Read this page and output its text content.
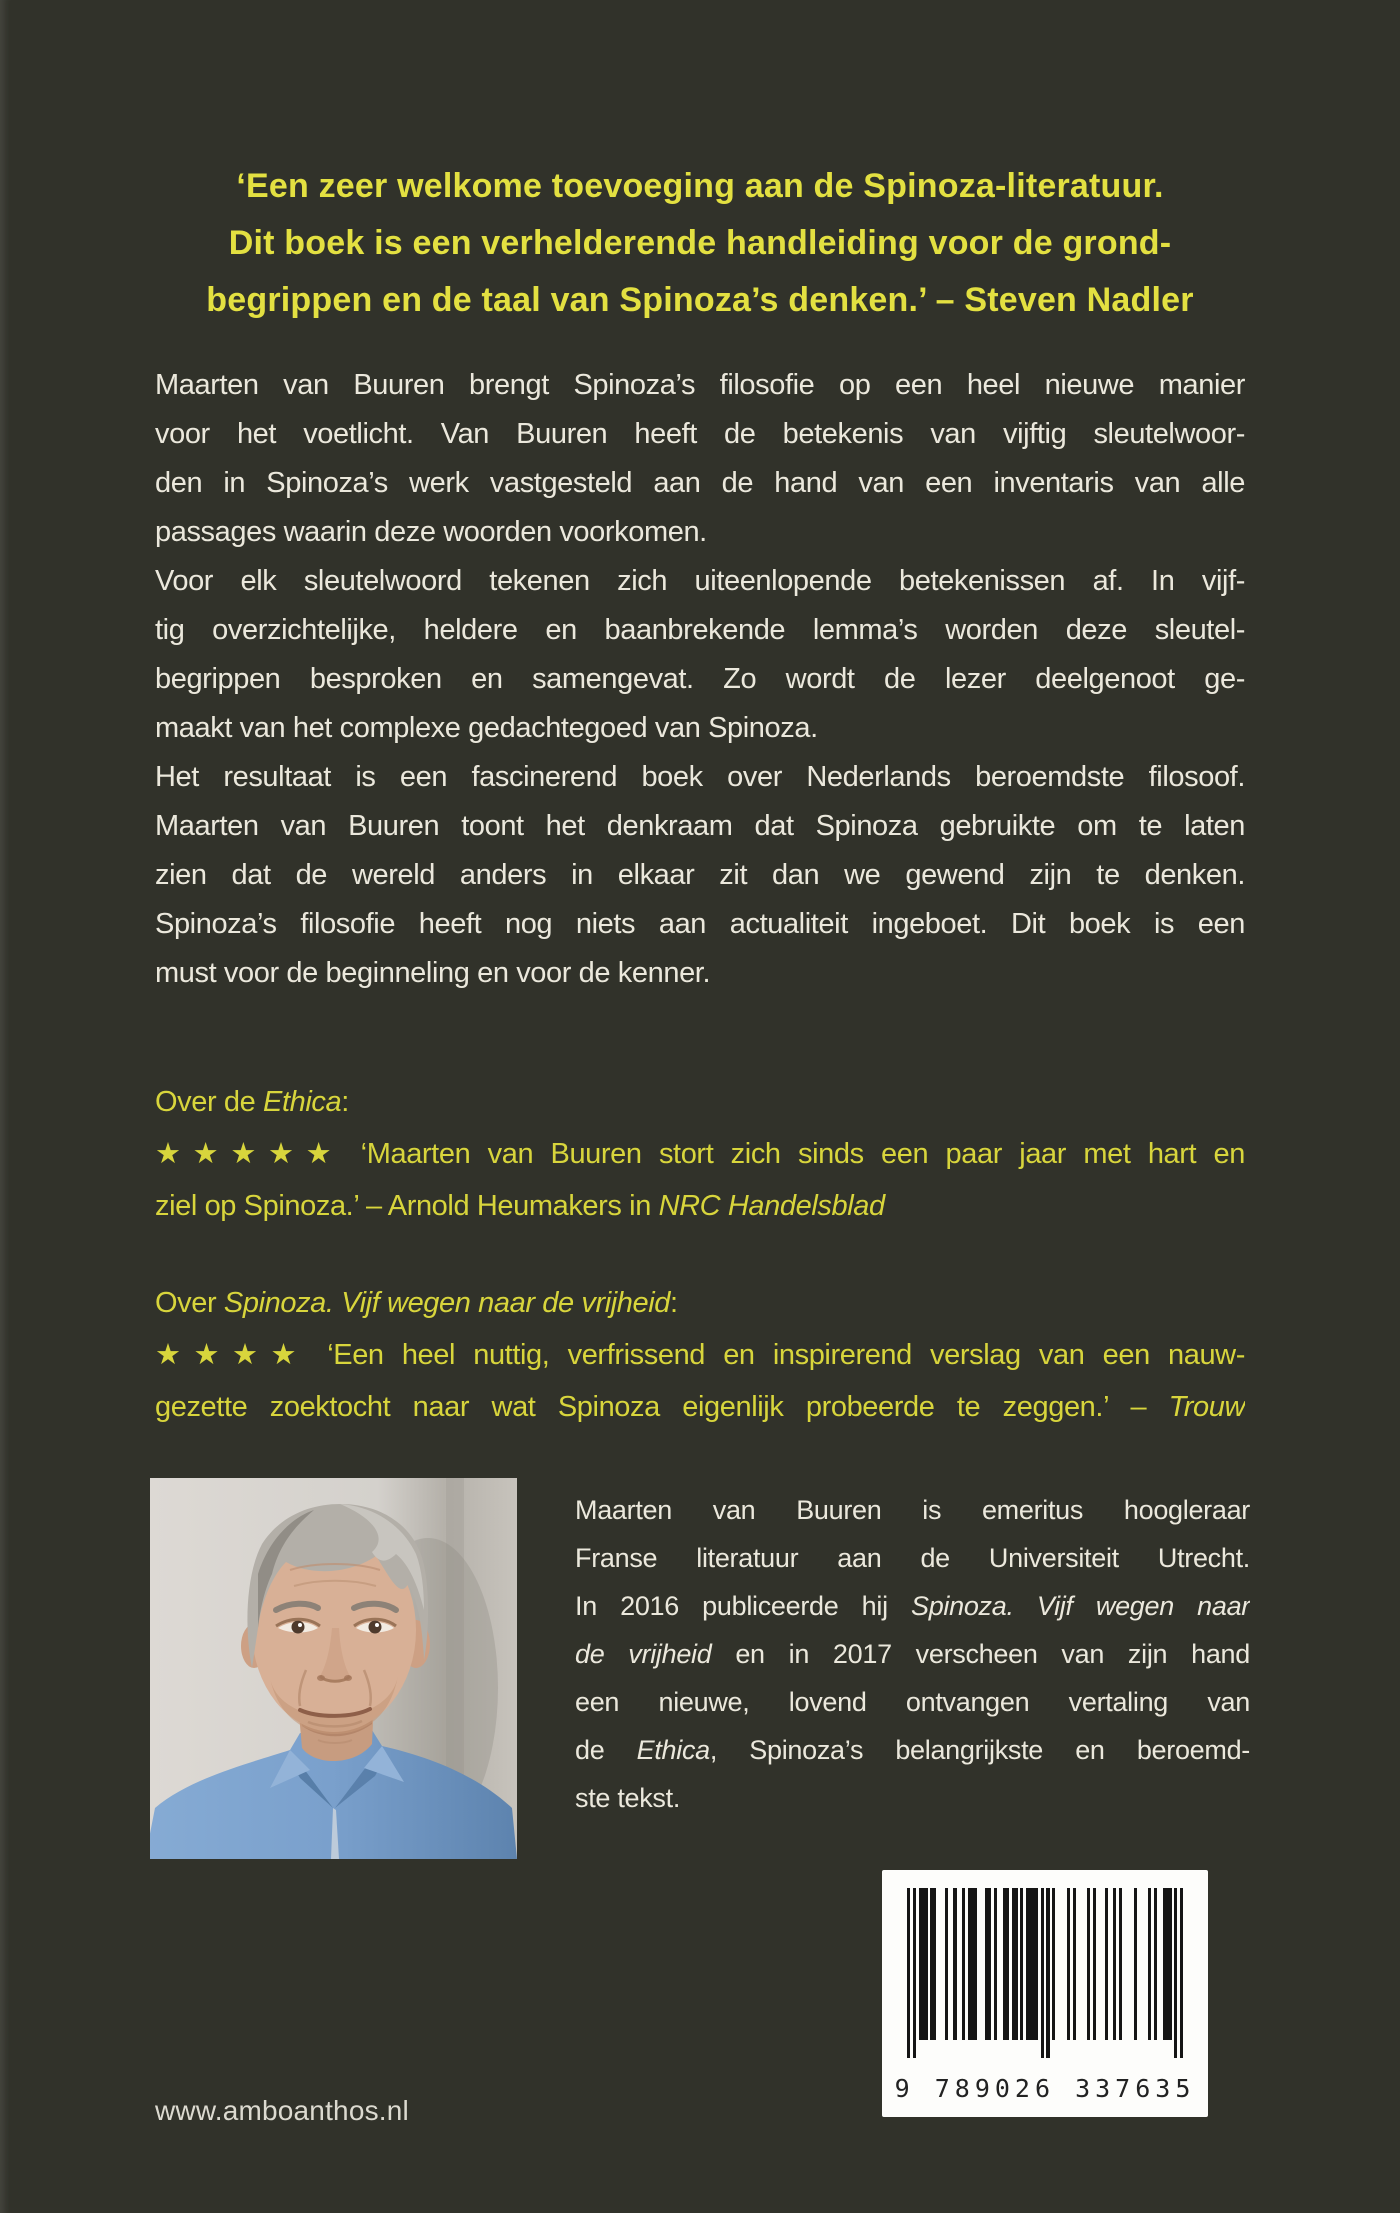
‘Een zeer welkome toevoeging aan de Spinoza-literatuur.
Dit boek is een verhelderende handleiding voor de grond-
begrippen en de taal van Spinoza’s denken.’ – Steven Nadler
Maarten van Buuren brengt Spinoza’s filosofie op een heel nieuwe manier
voor het voetlicht. Van Buuren heeft de betekenis van vijftig sleutelwoor-
den in Spinoza’s werk vastgesteld aan de hand van een inventaris van alle
passages waarin deze woorden voorkomen.
Voor elk sleutelwoord tekenen zich uiteenlopende betekenissen af. In vijf-
tig overzichtelijke, heldere en baanbrekende lemma’s worden deze sleutel-
begrippen besproken en samengevat. Zo wordt de lezer deelgenoot ge-
maakt van het complexe gedachtegoed van Spinoza.
Het resultaat is een fascinerend boek over Nederlands beroemdste filosoof.
Maarten van Buuren toont het denkraam dat Spinoza gebruikte om te laten
zien dat de wereld anders in elkaar zit dan we gewend zijn te denken.
Spinoza’s filosofie heeft nog niets aan actualiteit ingeboet. Dit boek is een
must voor de beginneling en voor de kenner.
Over de Ethica:
★★★★★ ‘Maarten van Buuren stort zich sinds een paar jaar met hart en
ziel op Spinoza.’ – Arnold Heumakers in NRC Handelsblad
Over Spinoza. Vijf wegen naar de vrijheid:
★★★★ ‘Een heel nuttig, verfrissend en inspirerend verslag van een nauw-
gezette zoektocht naar wat Spinoza eigenlijk probeerde te zeggen.’ – Trouw
Maarten van Buuren is emeritus hoogleraar
Franse literatuur aan de Universiteit Utrecht.
In 2016 publiceerde hij Spinoza. Vijf wegen naar
de vrijheid en in 2017 verscheen van zijn hand
een nieuwe, lovend ontvangen vertaling van
de Ethica, Spinoza’s belangrijkste en beroemd-
ste tekst.
9 789026 337635
www.amboanthos.nl
